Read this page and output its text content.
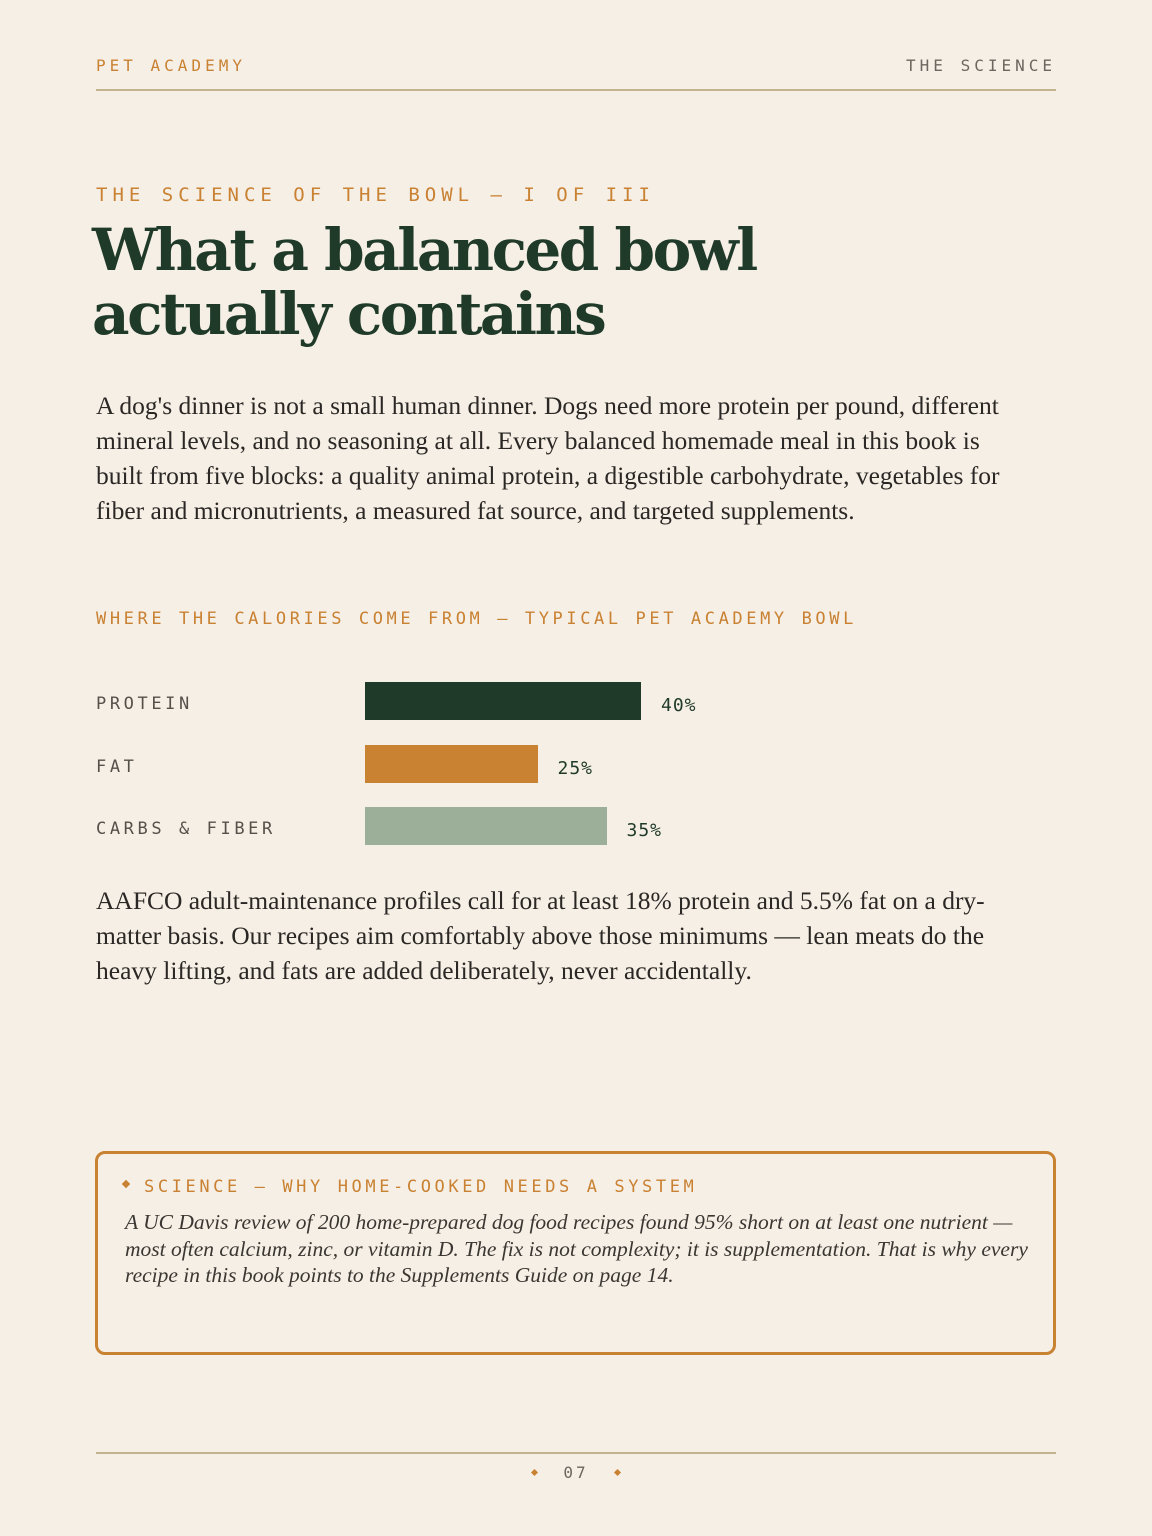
PET ACADEMY	THE SCIENCE
THE SCIENCE OF THE BOWL — I OF III
What a balanced bowl actually contains

A dog's dinner is not a small human dinner. Dogs need more protein per pound, different mineral levels, and no seasoning at all. Every balanced homemade meal in this book is built from five blocks: a quality animal protein, a digestible carbohydrate, vegetables for fiber and micronutrients, a measured fat source, and targeted supplements.

WHERE THE CALORIES COME FROM — TYPICAL PET ACADEMY BOWL
PROTEIN	40%
FAT	25%
CARBS & FIBER	35%

AAFCO adult-maintenance profiles call for at least 18% protein and 5.5% fat on a dry-matter basis. Our recipes aim comfortably above those minimums — lean meats do the heavy lifting, and fats are added deliberately, never accidentally.

SCIENCE — WHY HOME-COOKED NEEDS A SYSTEM

A UC Davis review of 200 home-prepared dog food recipes found 95% short on at least one nutrient — most often calcium, zinc, or vitamin D. The fix is not complexity; it is supplementation. That is why every recipe in this book points to the Supplements Guide on page 14.

07
